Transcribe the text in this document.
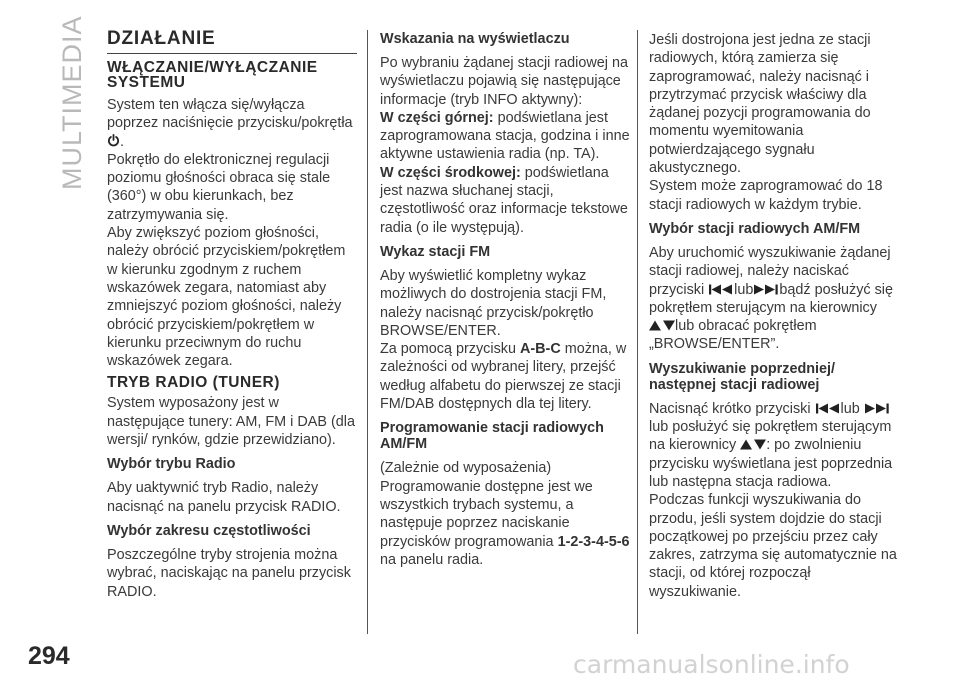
MULTIMEDIA
294	carmanualsonline.info
DZIAŁANIE
WŁĄCZANIE/WYŁĄCZANIE SYSTEMU

System ten włącza się/wyłącza poprzez naciśnięcie przycisku/pokrętła
.

Pokrętło do elektronicznej regulacji poziomu głośności obraca się stale (360°) w obu kierunkach, bez zatrzymywania się.

Aby zwiększyć poziom głośności, należy obrócić przyciskiem/pokrętłem w kierunku zgodnym z ruchem wskazówek zegara, natomiast aby zmniejszyć poziom głośności, należy obrócić przyciskiem/pokrętłem w kierunku przeciwnym do ruchu wskazówek zegara.

TRYB RADIO (TUNER)

System wyposażony jest w następujące tunery: AM, FM i DAB (dla wersji/ rynków, gdzie przewidziano).

Wybór trybu Radio

Aby uaktywnić tryb Radio, należy nacisnąć na panelu przycisk RADIO.

Wybór zakresu częstotliwości

Poszczególne tryby strojenia można wybrać, naciskając na panelu przycisk RADIO.

Wskazania na wyświetlaczu

Po wybraniu żądanej stacji radiowej na wyświetlaczu pojawią się następujące informacje (tryb INFO aktywny):

W części górnej: podświetlana jest zaprogramowana stacja, godzina i inne aktywne ustawienia radia (np. TA).

W części środkowej: podświetlana jest nazwa słuchanej stacji, częstotliwość oraz informacje tekstowe radia (o ile występują).

Wykaz stacji FM

Aby wyświetlić kompletny wykaz możliwych do dostrojenia stacji FM, należy nacisnąć przycisk/pokrętło BROWSE/ENTER.

Za pomocą przycisku A-B-C można, w zależności od wybranej litery, przejść według alfabetu do pierwszej ze stacji FM/DAB dostępnych dla tej litery.

Programowanie stacji radiowych AM/FM

(Zależnie od wyposażenia)

Programowanie dostępne jest we wszystkich trybach systemu, a następuje poprzez naciskanie przycisków programowania 1-2-3-4-5-6 na panelu radia.

Jeśli dostrojona jest jedna ze stacji radiowych, którą zamierza się zaprogramować, należy nacisnąć i przytrzymać przycisk właściwy dla żądanej pozycji programowania do momentu wyemitowania potwierdzającego sygnału akustycznego.

System może zaprogramować do 18 stacji radiowych w każdym trybie.

Wybór stacji radiowych AM/FM

Aby uruchomić wyszukiwanie żądanej stacji radiowej, należy naciskać przyciski lub bądź posłużyć się pokrętłem sterującym na kierownicy
lub obracać pokrętłem „BROWSE/ENTER”.

Wyszukiwanie poprzedniej/ następnej stacji radiowej

Nacisnąć krótko przyciski lub
lub posłużyć się pokrętłem sterującym na kierownicy : po zwolnieniu przycisku wyświetlana jest poprzednia lub następna stacja radiowa.

Podczas funkcji wyszukiwania do przodu, jeśli system dojdzie do stacji początkowej po przejściu przez cały zakres, zatrzyma się automatycznie na stacji, od której rozpoczął wyszukiwanie.
